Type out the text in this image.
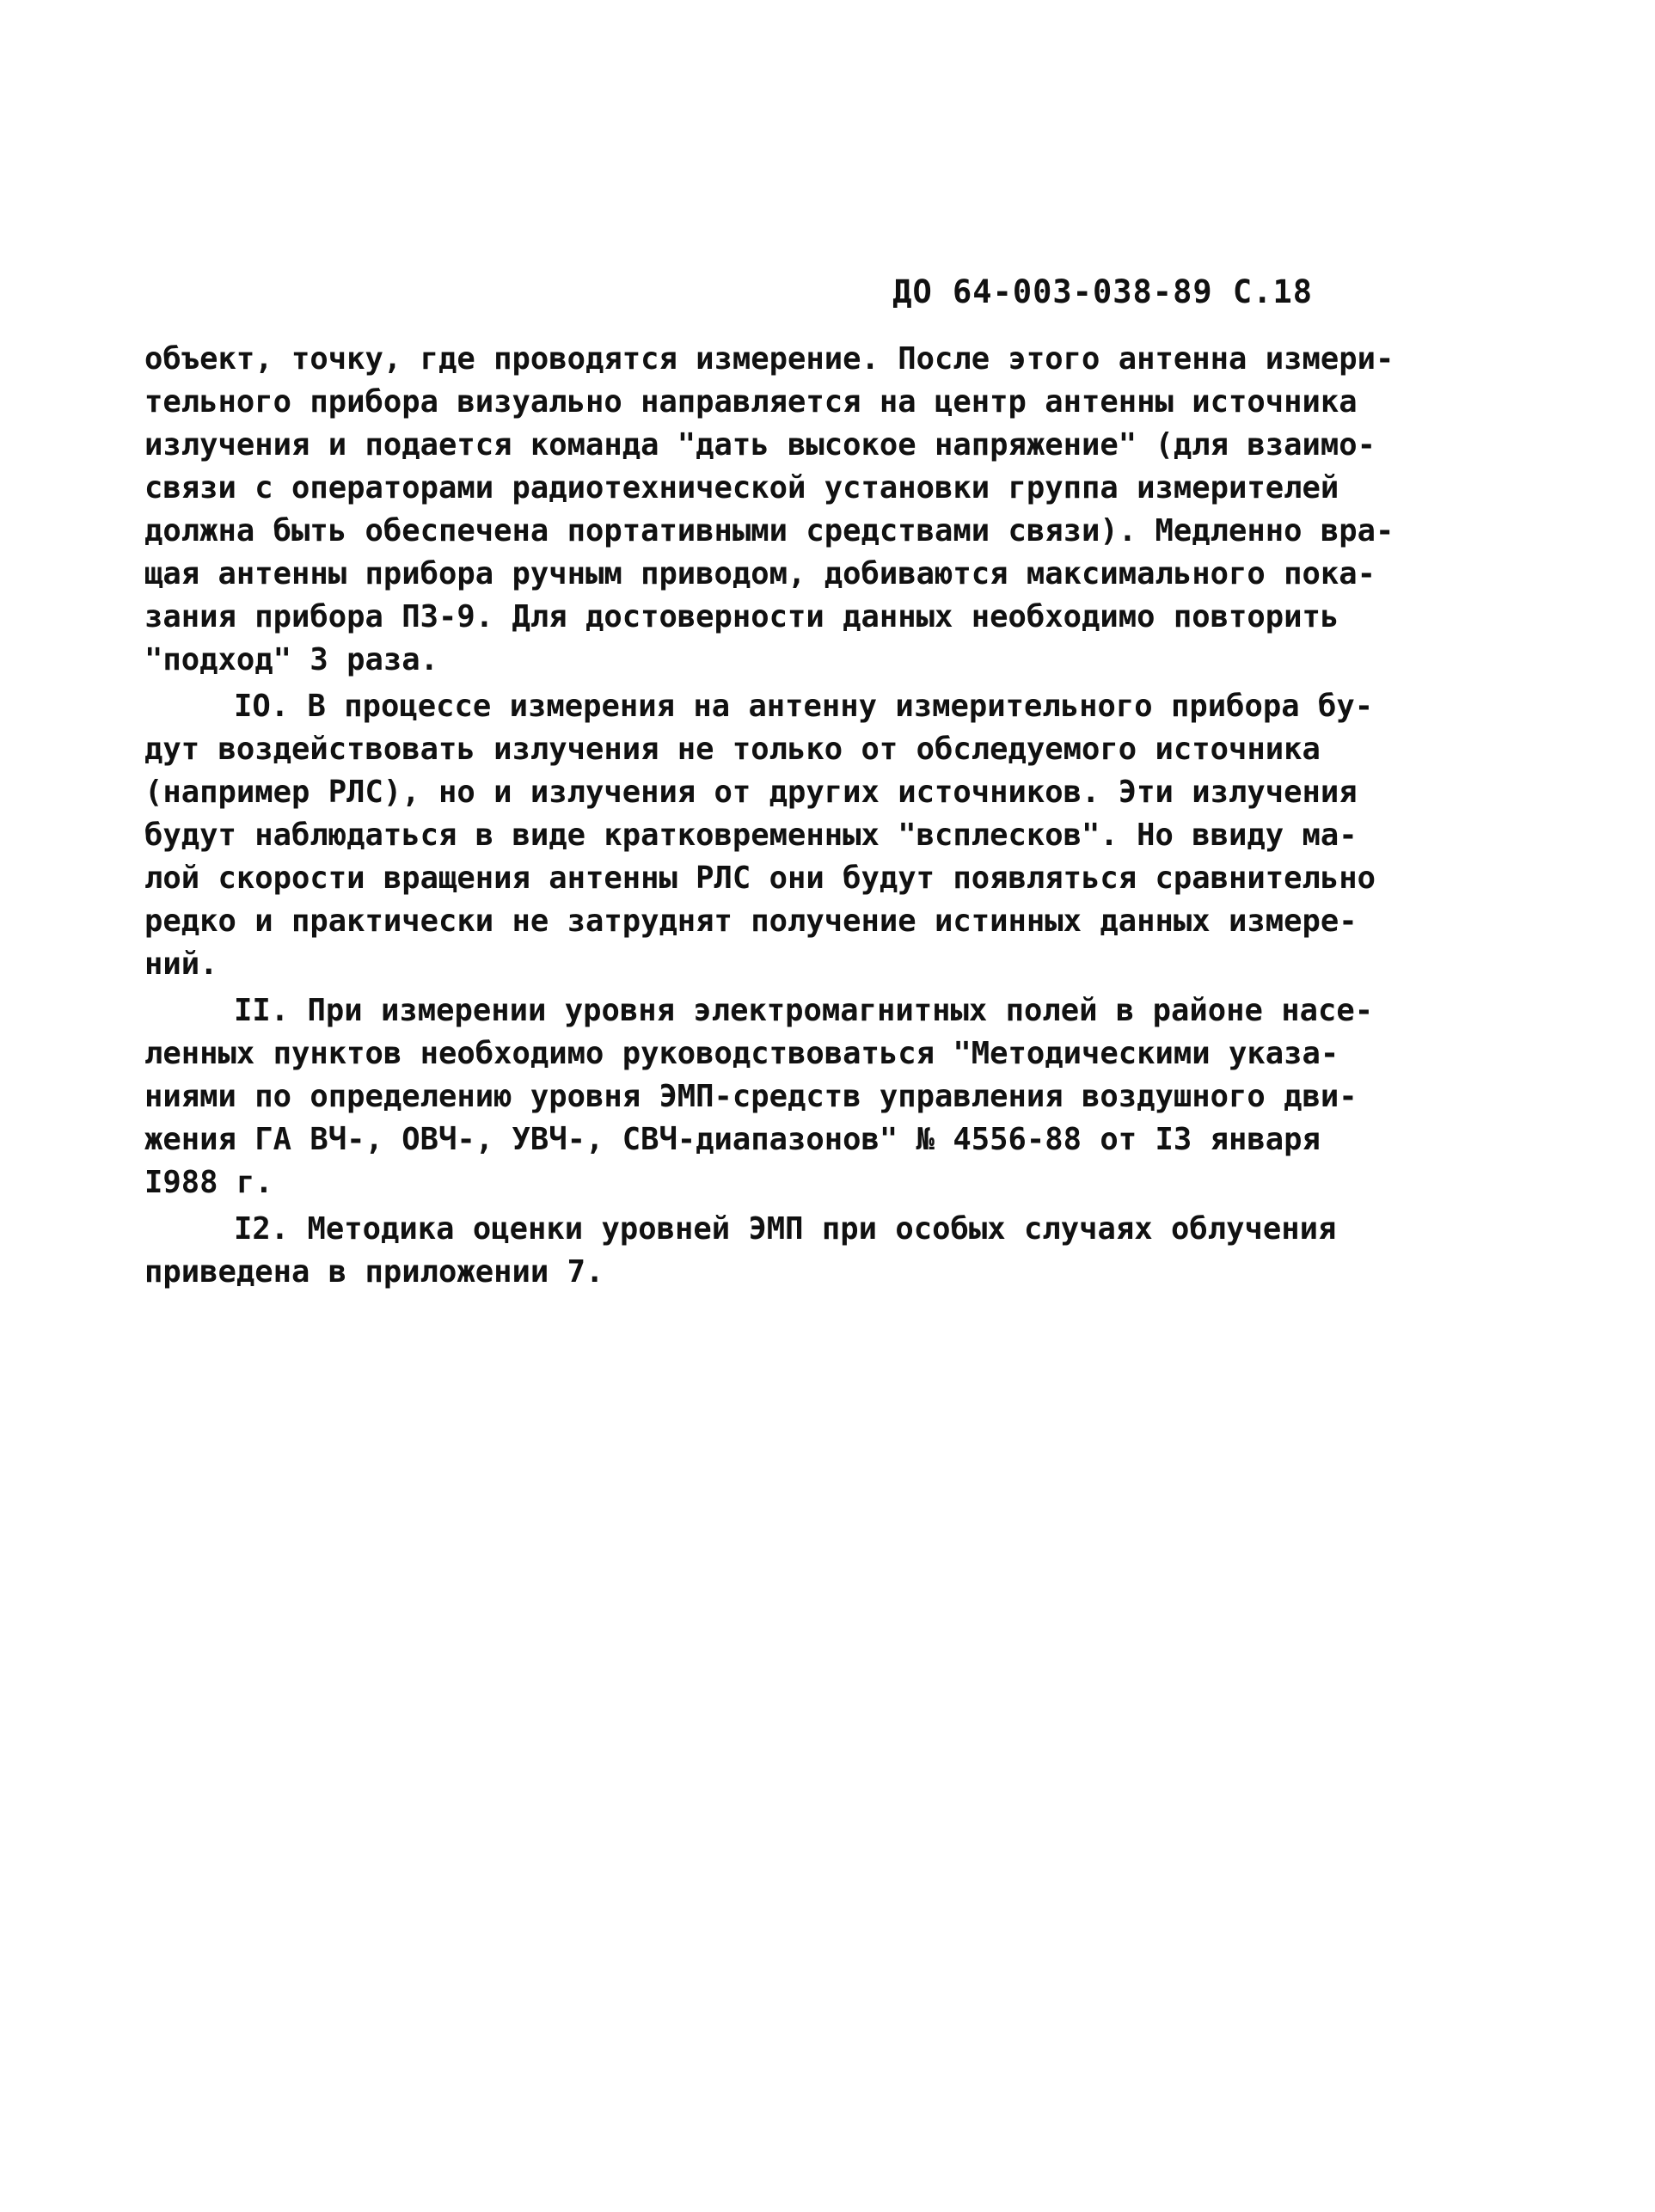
ДО 64-003-038-89 С.18
объект, точку, где проводятся измерение. После этого антенна измери-
тельного прибора визуально направляется на центр антенны источника
излучения и подается команда "дать высокое напряжение" (для взаимо-
связи с операторами радиотехнической установки группа измерителей
должна быть обеспечена портативными средствами связи). Медленно вра-
щая антенны прибора ручным приводом, добиваются максимального пока-
зания прибора ПЗ-9. Для достоверности данных необходимо повторить
"подход" 3 раза.
IO. В процессе измерения на антенну измерительного прибора бу-
дут воздействовать излучения не только от обследуемого источника
(например РЛС), но и излучения от других источников. Эти излучения
будут наблюдаться в виде кратковременных "всплесков". Но ввиду ма-
лой скорости вращения антенны РЛС они будут появляться сравнительно
редко и практически не затруднят получение истинных данных измере-
ний.
II. При измерении уровня электромагнитных полей в районе насе-
ленных пунктов необходимо руководствоваться "Методическими указа-
ниями по определению уровня ЭМП-средств управления воздушного дви-
жения ГА ВЧ-, ОВЧ-, УВЧ-, СВЧ-диапазонов" № 4556-88 от I3 января
I988 г.
I2. Методика оценки уровней ЭМП при особых случаях облучения
приведена в приложении 7.
